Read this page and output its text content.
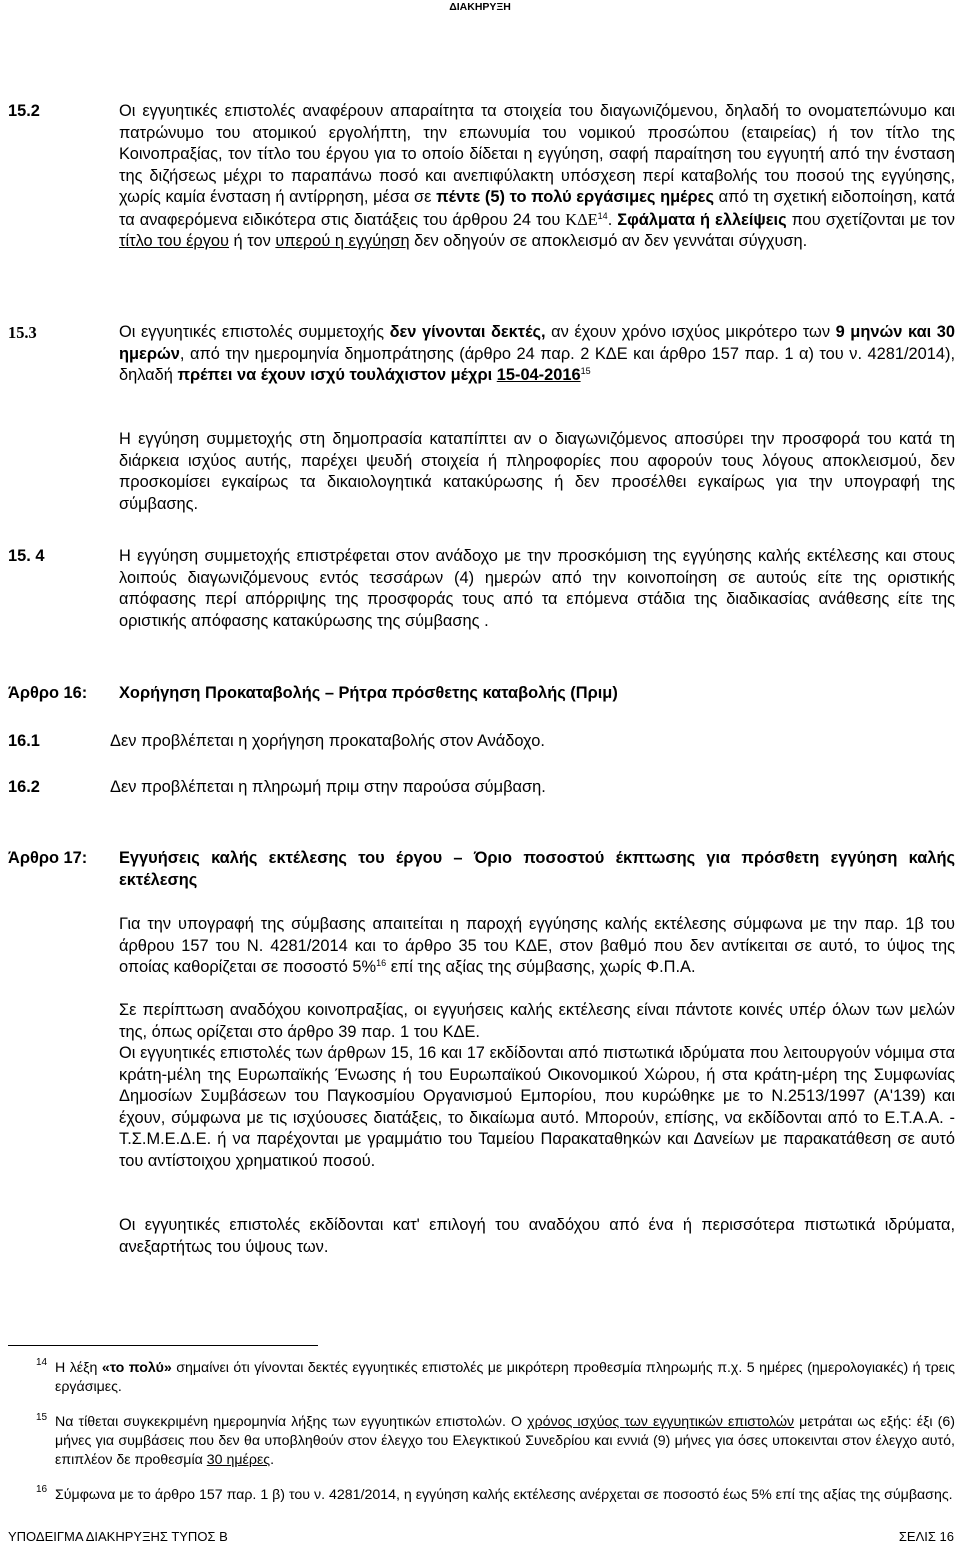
ΔΙΑΚΗΡΥΞΗ
15.2	Οι εγγυητικές επιστολές αναφέρουν απαραίτητα τα στοιχεία του διαγωνιζόμενου, δηλαδή το ονοματεπώνυμο και πατρώνυμο του ατομικού εργολήπτη, την επωνυμία του νομικού προσώπου (εταιρείας) ή τον τίτλο της Κοινοπραξίας, τον τίτλο του έργου για το οποίο δίδεται η εγγύηση, σαφή παραίτηση του εγγυητή από την ένσταση της διζήσεως μέχρι το παραπάνω ποσό και ανεπιφύλακτη υπόσχεση περί καταβολής του ποσού της εγγύησης, χωρίς καμία ένσταση ή αντίρρηση, μέσα σε πέντε (5) το πολύ εργάσιμες ημέρες από τη σχετική ειδοποίηση, κατά τα αναφερόμενα ειδικότερα στις διατάξεις του άρθρου 24 του ΚΔΕ$^{14}$. Σφάλματα ή ελλείψεις που σχετίζονται με τον τίτλο του έργου ή τον υπερού η εγγύηση δεν οδηγούν σε αποκλεισμό αν δεν γεννάται σύγχυση.
15.3	Οι εγγυητικές επιστολές συμμετοχής δεν γίνονται δεκτές, αν έχουν χρόνο ισχύος μικρότερο των 9 μηνών και 30 ημερών, από την ημερομηνία δημοπράτησης (άρθρο 24 παρ. 2 ΚΔΕ και άρθρο 157 παρ. 1 α) του ν. 4281/2014), δηλαδή πρέπει να έχουν ισχύ τουλάχιστον μέχρι 15-04-2016$^{15}$
Η εγγύηση συμμετοχής στη δημοπρασία καταπίπτει αν ο διαγωνιζόμενος αποσύρει την προσφορά του κατά τη διάρκεια ισχύος αυτής, παρέχει ψευδή στοιχεία ή πληροφορίες που αφορούν τους λόγους αποκλεισμού, δεν προσκομίσει εγκαίρως τα δικαιολογητικά κατακύρωσης ή δεν προσέλθει εγκαίρως για την υπογραφή της σύμβασης.
15. 4	Η εγγύηση συμμετοχής επιστρέφεται στον ανάδοχο με την προσκόμιση της εγγύησης καλής εκτέλεσης και στους λοιπούς διαγωνιζόμενους εντός τεσσάρων (4) ημερών από την κοινοποίηση σε αυτούς είτε της οριστικής απόφασης περί απόρριψης της προσφοράς τους από τα επόμενα στάδια της διαδικασίας ανάθεσης είτε της οριστικής απόφασης κατακύρωσης της σύμβασης .
Άρθρο 16: Χορήγηση Προκαταβολής – Ρήτρα πρόσθετης καταβολής (Πριμ)
16.1	Δεν προβλέπεται η χορήγηση προκαταβολής στον Ανάδοχο.
16.2	Δεν προβλέπεται η πληρωμή πριμ στην παρούσα σύμβαση.
Άρθρο 17: Εγγυήσεις καλής εκτέλεσης του έργου – Όριο ποσοστού έκπτωσης για πρόσθετη εγγύηση καλής εκτέλεσης
Για την υπογραφή της σύμβασης απαιτείται η παροχή εγγύησης καλής εκτέλεσης σύμφωνα με την παρ. 1β του άρθρου 157 του Ν. 4281/2014 και το άρθρο 35 του ΚΔΕ, στον βαθμό που δεν αντίκειται σε αυτό, το ύψος της οποίας καθορίζεται σε ποσοστό 5%$^{16}$ επί της αξίας της σύμβασης, χωρίς Φ.Π.Α.
Σε περίπτωση αναδόχου κοινοπραξίας, οι εγγυήσεις καλής εκτέλεσης είναι πάντοτε κοινές υπέρ όλων των μελών της, όπως ορίζεται στο άρθρο 39 παρ. 1 του ΚΔΕ.
Οι εγγυητικές επιστολές των άρθρων 15, 16 και 17 εκδίδονται από πιστωτικά ιδρύματα που λειτουργούν νόμιμα στα κράτη-μέλη της Ευρωπαϊκής Ένωσης ή του Ευρωπαϊκού Οικονομικού Χώρου, ή στα κράτη-μέρη της Συμφωνίας Δημοσίων Συμβάσεων του Παγκοσμίου Οργανισμού Εμπορίου, που κυρώθηκε με το Ν.2513/1997 (Α'139) και έχουν, σύμφωνα με τις ισχύουσες διατάξεις, το δικαίωμα αυτό. Μπορούν, επίσης, να εκδίδονται από το Ε.Τ.Α.Α. - Τ.Σ.Μ.Ε.Δ.Ε. ή να παρέχονται με γραμμάτιο του Ταμείου Παρακαταθηκών και Δανείων με παρακατάθεση σε αυτό του αντίστοιχου χρηματικού ποσού.
Οι εγγυητικές επιστολές εκδίδονται κατ' επιλογή του αναδόχου από ένα ή περισσότερα πιστωτικά ιδρύματα, ανεξαρτήτως του ύψους των.
14 Η λέξη «το πολύ» σημαίνει ότι γίνονται δεκτές εγγυητικές επιστολές με μικρότερη προθεσμία πληρωμής π.χ. 5 ημέρες (ημερολογιακές) ή τρεις εργάσιμες.
15 Να τίθεται συγκεκριμένη ημερομηνία λήξης των εγγυητικών επιστολών. Ο χρόνος ισχύος των εγγυητικών επιστολών μετράται ως εξής: έξι (6) μήνες για συμβάσεις που δεν θα υποβληθούν στον έλεγχο του Ελεγκτικού Συνεδρίου και εννιά (9) μήνες για όσες υποκεινται στον έλεγχο αυτό, επιπλέον δε προθεσμία 30 ημέρες.
16 Σύμφωνα με το άρθρο 157 παρ. 1 β) του ν. 4281/2014, η εγγύηση καλής εκτέλεσης ανέρχεται σε ποσοστό έως 5% επί της αξίας της σύμβασης.
ΥΠΟΔΕΙΓΜΑ ΔΙΑΚΗΡΥΞΗΣ ΤΥΠΟΣ Β	ΣΕΛΙΣ 16
